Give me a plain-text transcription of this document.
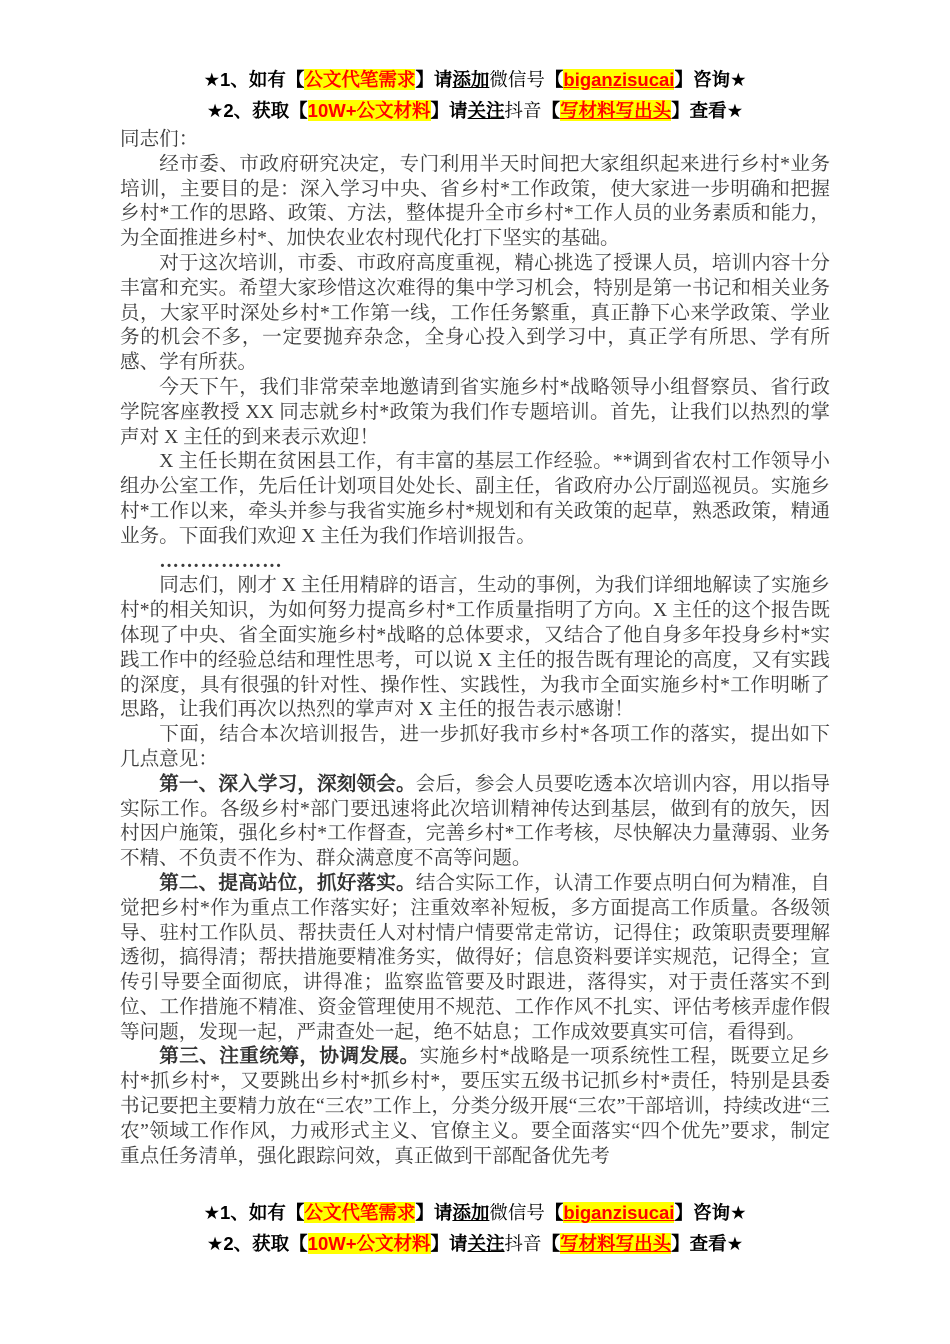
★1、如有【公文代笔需求】请添加微信号【biganzisucai】咨询★

★2、获取【10W+公文材料】请关注抖音【写材料写出头】查看★

同志们：

经市委、市政府研究决定，专门利用半天时间把大家组织起来进行乡村*业务培训，主要目的是：深入学习中央、省乡村*工作政策，使大家进一步明确和把握乡村*工作的思路、政策、方法，整体提升全市乡村*工作人员的业务素质和能力，为全面推进乡村*、加快农业农村现代化打下坚实的基础。

对于这次培训，市委、市政府高度重视，精心挑选了授课人员，培训内容十分丰富和充实。希望大家珍惜这次难得的集中学习机会，特别是第一书记和相关业务员，大家平时深处乡村*工作第一线，工作任务繁重，真正静下心来学政策、学业务的机会不多，一定要抛弃杂念，全身心投入到学习中，真正学有所思、学有所感、学有所获。

今天下午，我们非常荣幸地邀请到省实施乡村*战略领导小组督察员、省行政学院客座教授 XX 同志就乡村*政策为我们作专题培训。首先，让我们以热烈的掌声对 X 主任的到来表示欢迎！

X 主任长期在贫困县工作，有丰富的基层工作经验。**调到省农村工作领导小组办公室工作，先后任计划项目处处长、副主任，省政府办公厅副巡视员。实施乡村*工作以来，牵头并参与我省实施乡村*规划和有关政策的起草，熟悉政策，精通业务。下面我们欢迎 X 主任为我们作培训报告。

………………

同志们，刚才 X 主任用精辟的语言，生动的事例，为我们详细地解读了实施乡村*的相关知识，为如何努力提高乡村*工作质量指明了方向。X 主任的这个报告既体现了中央、省全面实施乡村*战略的总体要求，又结合了他自身多年投身乡村*实践工作中的经验总结和理性思考，可以说 X 主任的报告既有理论的高度，又有实践的深度，具有很强的针对性、操作性、实践性，为我市全面实施乡村*工作明晰了思路，让我们再次以热烈的掌声对 X 主任的报告表示感谢！

下面，结合本次培训报告，进一步抓好我市乡村*各项工作的落实，提出如下几点意见：

第一、深入学习，深刻领会。会后，参会人员要吃透本次培训内容，用以指导实际工作。各级乡村*部门要迅速将此次培训精神传达到基层，做到有的放矢，因村因户施策，强化乡村*工作督查，完善乡村*工作考核，尽快解决力量薄弱、业务不精、不负责不作为、群众满意度不高等问题。

第二、提高站位，抓好落实。结合实际工作，认清工作要点明白何为精准，自觉把乡村*作为重点工作落实好；注重效率补短板，多方面提高工作质量。各级领导、驻村工作队员、帮扶责任人对村情户情要常走常访，记得住；政策职责要理解透彻，搞得清；帮扶措施要精准务实，做得好；信息资料要详实规范，记得全；宣传引导要全面彻底，讲得准；监察监管要及时跟进，落得实，对于责任落实不到位、工作措施不精准、资金管理使用不规范、工作作风不扎实、评估考核弄虚作假等问题，发现一起，严肃查处一起，绝不姑息；工作成效要真实可信，看得到。

第三、注重统筹，协调发展。实施乡村*战略是一项系统性工程，既要立足乡村*抓乡村*，又要跳出乡村*抓乡村*，要压实五级书记抓乡村*责任，特别是县委书记要把主要精力放在“三农”工作上，分类分级开展“三农”干部培训，持续改进“三农”领域工作作风，力戒形式主义、官僚主义。要全面落实“四个优先”要求，制定重点任务清单，强化跟踪问效，真正做到干部配备优先考

★1、如有【公文代笔需求】请添加微信号【biganzisucai】咨询★

★2、获取【10W+公文材料】请关注抖音【写材料写出头】查看★
